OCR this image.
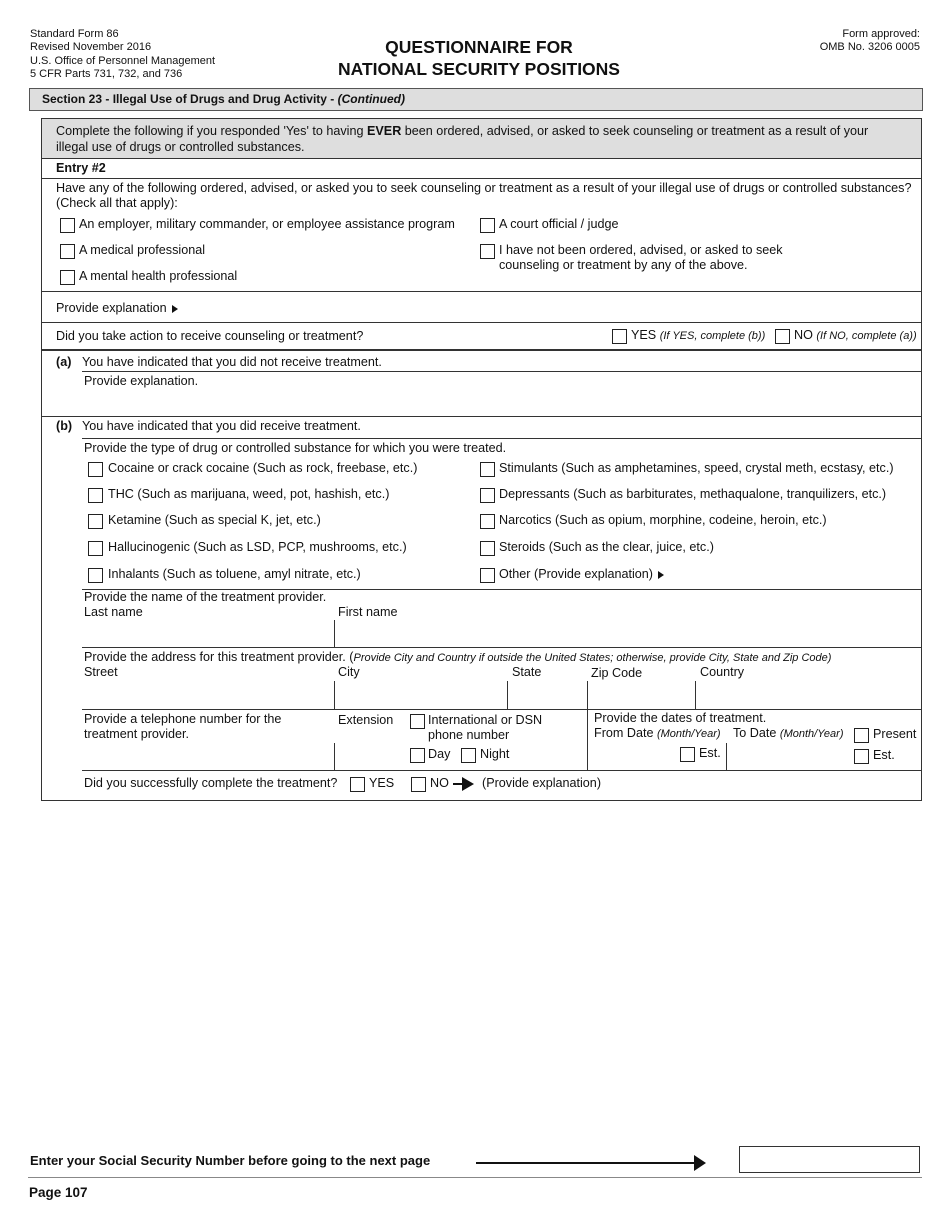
Standard Form 86
Revised November 2016
U.S. Office of Personnel Management
5 CFR Parts 731, 732, and 736
QUESTIONNAIRE FOR
NATIONAL SECURITY POSITIONS
Form approved:
OMB No. 3206 0005
Section 23 - Illegal Use of Drugs and Drug Activity - (Continued)
Complete the following if you responded 'Yes' to having EVER been ordered, advised, or asked to seek counseling or treatment as a result of your
illegal use of drugs or controlled substances.
Entry #2
Have any of the following ordered, advised, or asked you to seek counseling or treatment as a result of your illegal use of drugs or controlled substances?
(Check all that apply):
An employer, military commander, or employee assistance program	A court official / judge
A medical professional	I have not been ordered, advised, or asked to seek
counseling or treatment by any of the above.
A mental health professional
Provide explanation
Did you take action to receive counseling or treatment?	YES (If YES, complete (b)) NO (If NO, complete (a))
(a) You have indicated that you did not receive treatment.
Provide explanation.
(b) You have indicated that you did receive treatment.
Provide the type of drug or controlled substance for which you were treated.
Cocaine or crack cocaine (Such as rock, freebase, etc.)	Stimulants (Such as amphetamines, speed, crystal meth, ecstasy, etc.)
THC (Such as marijuana, weed, pot, hashish, etc.)	Depressants (Such as barbiturates, methaqualone, tranquilizers, etc.)
Ketamine (Such as special K, jet, etc.)	Narcotics (Such as opium, morphine, codeine, heroin, etc.)
Hallucinogenic (Such as LSD, PCP, mushrooms, etc.)	Steroids (Such as the clear, juice, etc.)
Inhalants (Such as toluene, amyl nitrate, etc.)	Other (Provide explanation)
Provide the name of the treatment provider.
Last name	First name
Provide the address for this treatment provider. (Provide City and Country if outside the United States; otherwise, provide City, State and Zip Code)
Street	City	State	Zip Code	Country
Provide a telephone number for the
treatment provider.
Extension	International or DSN
phone number
Day Night
Provide the dates of treatment.
From Date (Month/Year) To Date (Month/Year) Present
Est.	Est.
Did you successfully complete the treatment?	YES	NO	(Provide explanation)
Enter your Social Security Number before going to the next page
Page 107
